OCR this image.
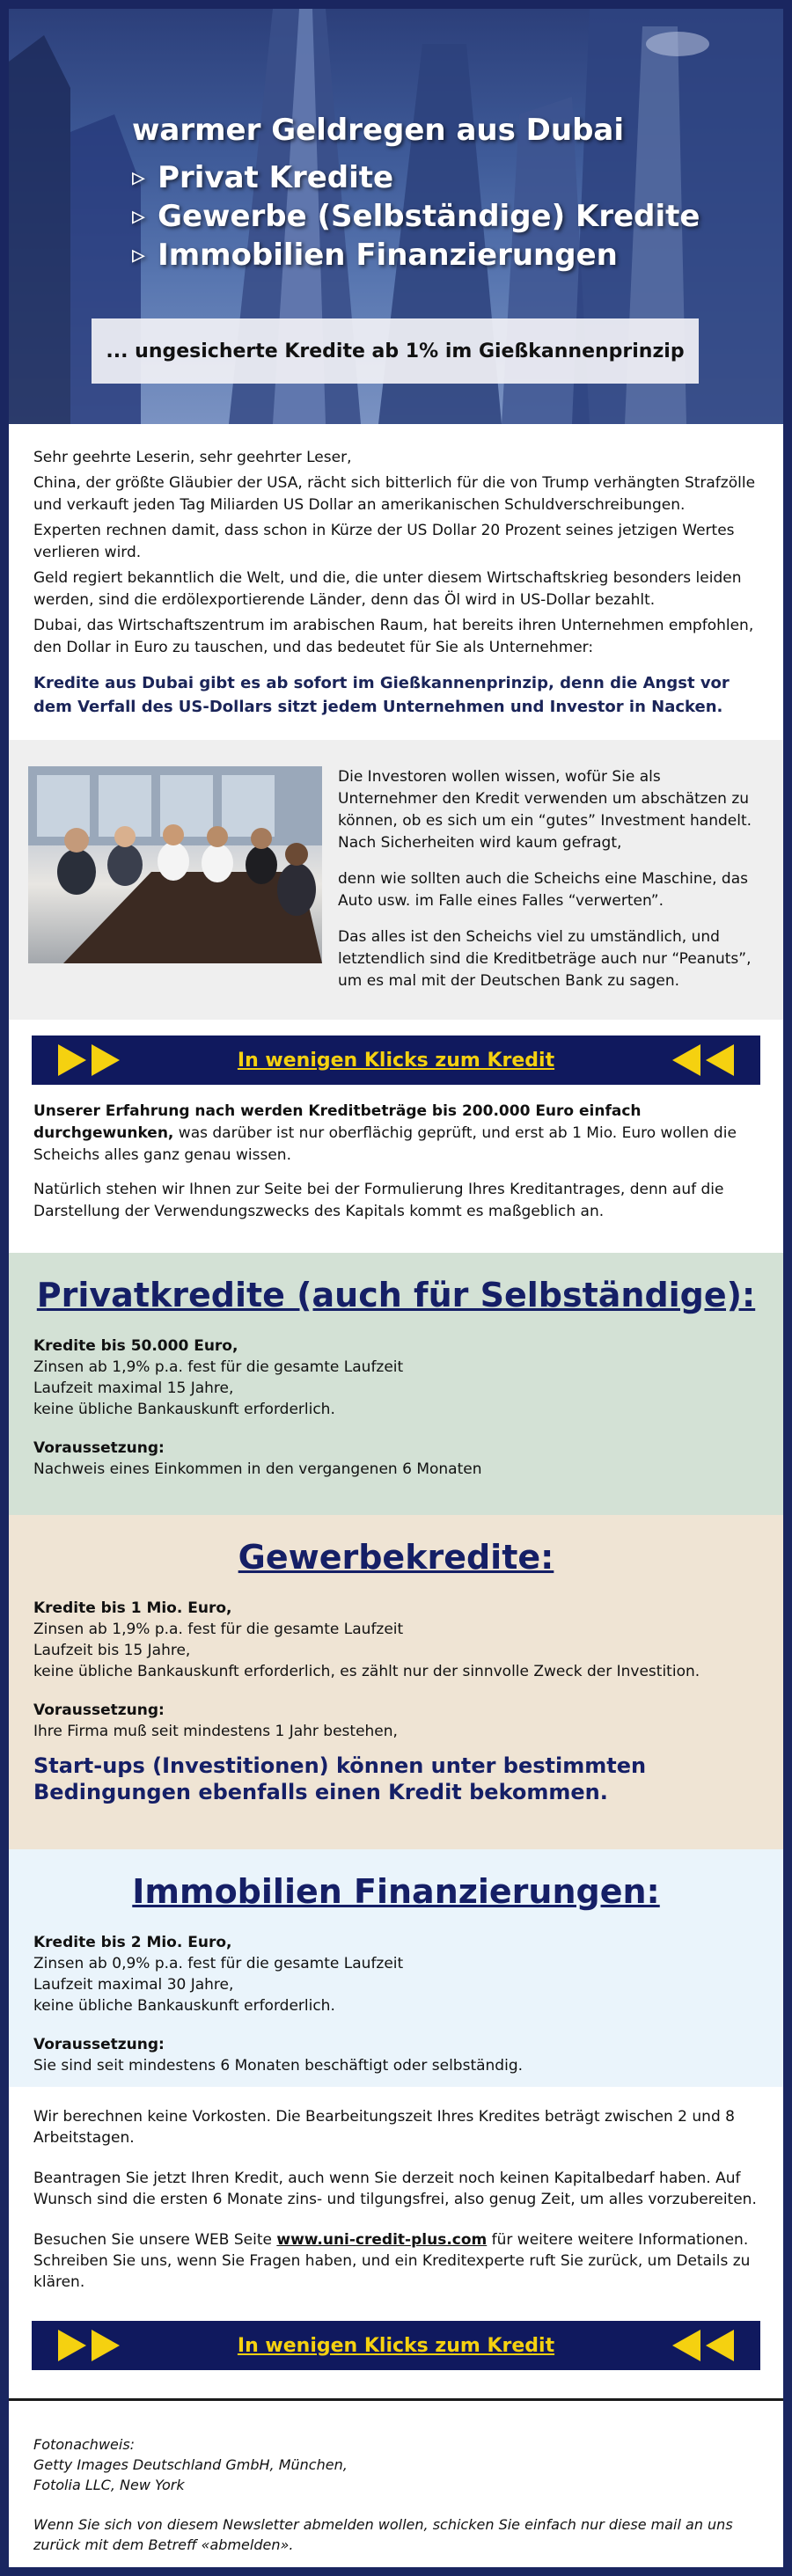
warmer Geldregen aus Dubai
▹ Privat Kredite
▹ Gewerbe (Selbständige) Kredite
▹ Immobilien Finanzierungen
... ungesicherte Kredite ab 1% im Gießkannenprinzip

Sehr geehrte Leserin, sehr geehrter Leser,

China, der größte Gläubier der USA, rächt sich bitterlich für die von Trump verhängten Strafzölle und verkauft jeden Tag Miliarden US Dollar an amerikanischen Schuldverschreibungen.

Experten rechnen damit, dass schon in Kürze der US Dollar 20 Prozent seines jetzigen Wertes verlieren wird.

Geld regiert bekanntlich die Welt, und die, die unter diesem Wirtschaftskrieg besonders leiden werden, sind die erdölexportierende Länder, denn das Öl wird in US-Dollar bezahlt.

Dubai, das Wirtschaftszentrum im arabischen Raum, hat bereits ihren Unternehmen empfohlen, den Dollar in Euro zu tauschen, und das bedeutet für Sie als Unternehmer:

Kredite aus Dubai gibt es ab sofort im Gießkannenprinzip, denn die Angst vor dem Verfall des US-Dollars sitzt jedem Unternehmen und Investor in Nacken.

Die Investoren wollen wissen, wofür Sie als Unternehmer den Kredit verwenden um abschätzen zu können, ob es sich um ein “gutes” Investment handelt. Nach Sicherheiten wird kaum gefragt,

denn wie sollten auch die Scheichs eine Maschine, das Auto usw. im Falle eines Falles “verwerten”.

Das alles ist den Scheichs viel zu umständlich, und letztendlich sind die Kreditbeträge auch nur “Peanuts”, um es mal mit der Deutschen Bank zu sagen.

In wenigen Klicks zum Kredit

Unserer Erfahrung nach werden Kreditbeträge bis 200.000 Euro einfach durchgewunken, was darüber ist nur oberflächig geprüft, und erst ab 1 Mio. Euro wollen die Scheichs alles ganz genau wissen.

Natürlich stehen wir Ihnen zur Seite bei der Formulierung Ihres Kreditantrages, denn auf die Darstellung der Verwendungszwecks des Kapitals kommt es maßgeblich an.

Privatkredite (auch für Selbständige):

Kredite bis 50.000 Euro,
Zinsen ab 1,9% p.a. fest für die gesamte Laufzeit
Laufzeit maximal 15 Jahre,
keine übliche Bankauskunft erforderlich.

Voraussetzung:
Nachweis eines Einkommen in den vergangenen 6 Monaten

Gewerbekredite:

Kredite bis 1 Mio. Euro,
Zinsen ab 1,9% p.a. fest für die gesamte Laufzeit
Laufzeit bis 15 Jahre,
keine übliche Bankauskunft erforderlich, es zählt nur der sinnvolle Zweck der Investition.

Voraussetzung:
Ihre Firma muß seit mindestens 1 Jahr bestehen,

Start-ups (Investitionen) können unter bestimmten Bedingungen ebenfalls einen Kredit bekommen.

Immobilien Finanzierungen:

Kredite bis 2 Mio. Euro,
Zinsen ab 0,9% p.a. fest für die gesamte Laufzeit
Laufzeit maximal 30 Jahre,
keine übliche Bankauskunft erforderlich.

Voraussetzung:
Sie sind seit mindestens 6 Monaten beschäftigt oder selbständig.

Wir berechnen keine Vorkosten. Die Bearbeitungszeit Ihres Kredites beträgt zwischen 2 und 8 Arbeitstagen.

Beantragen Sie jetzt Ihren Kredit, auch wenn Sie derzeit noch keinen Kapitalbedarf haben. Auf Wunsch sind die ersten 6 Monate zins- und tilgungsfrei, also genug Zeit, um alles vorzubereiten.

Besuchen Sie unsere WEB Seite www.uni-credit-plus.com für weitere weitere Informationen. Schreiben Sie uns, wenn Sie Fragen haben, und ein Kreditexperte ruft Sie zurück, um Details zu klären.

In wenigen Klicks zum Kredit

Fotonachweis:
Getty Images Deutschland GmbH, München,
Fotolia LLC, New York

Wenn Sie sich von diesem Newsletter abmelden wollen, schicken Sie einfach nur diese mail an uns zurück mit dem Betreff «abmelden».
